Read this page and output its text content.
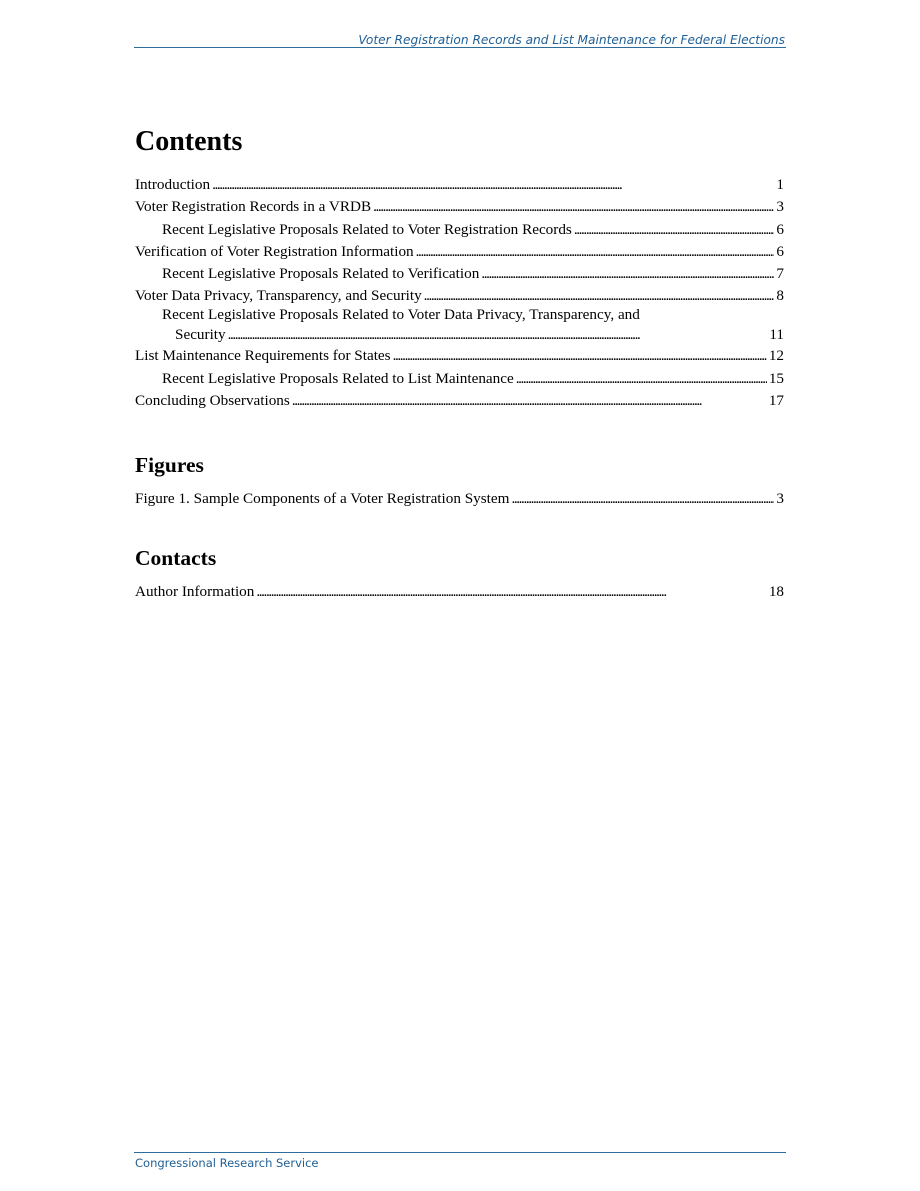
Voter Registration Records and List Maintenance for Federal Elections
Contents
Introduction . . .	1
Voter Registration Records in a VRDB . . .	3
Recent Legislative Proposals Related to Voter Registration Records . . .	6
Verification of Voter Registration Information . . .	6
Recent Legislative Proposals Related to Verification . . .	7
Voter Data Privacy, Transparency, and Security . . .	8
Recent Legislative Proposals Related to Voter Data Privacy, Transparency, and
Security . . .	11
List Maintenance Requirements for States . . .	12
Recent Legislative Proposals Related to List Maintenance . . .	15
Concluding Observations . . .	17
Figures
Figure 1. Sample Components of a Voter Registration System . . .	3
Contacts
Author Information . . .	18
Congressional Research Service
